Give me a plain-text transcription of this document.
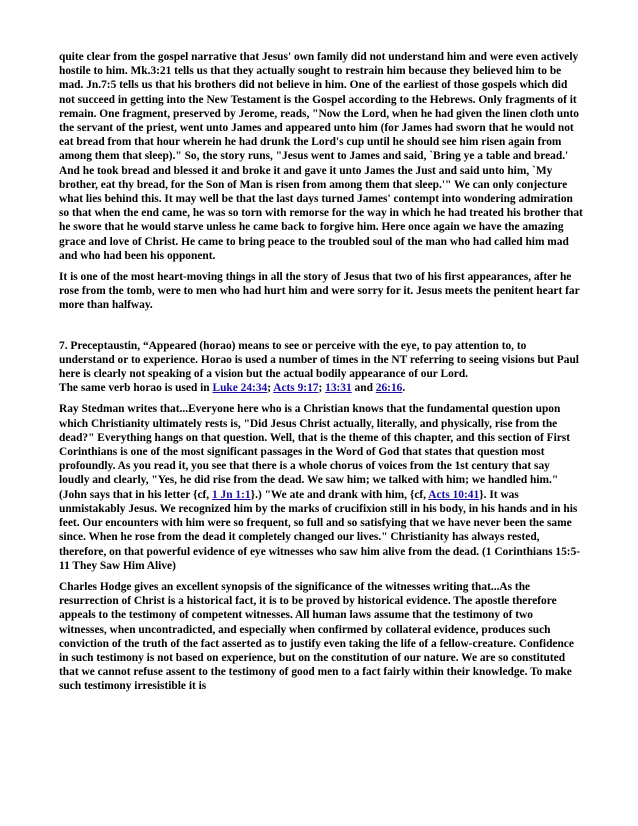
quite clear from the gospel narrative that Jesus' own family did not understand him and were even actively hostile to him. Mk.3:21 tells us that they actually sought to restrain him because they believed him to be mad. Jn.7:5 tells us that his brothers did not believe in him. One of the earliest of those gospels which did not succeed in getting into the New Testament is the Gospel according to the Hebrews. Only fragments of it remain. One fragment, preserved by Jerome, reads, "Now the Lord, when he had given the linen cloth unto the servant of the priest, went unto James and appeared unto him (for James had sworn that he would not eat bread from that hour wherein he had drunk the Lord's cup until he should see him risen again from among them that sleep)." So, the story runs, "Jesus went to James and said, `Bring ye a table and bread.' And he took bread and blessed it and broke it and gave it unto James the Just and said unto him, `My brother, eat thy bread, for the Son of Man is risen from among them that sleep.'" We can only conjecture what lies behind this. It may well be that the last days turned James' contempt into wondering admiration so that when the end came, he was so torn with remorse for the way in which he had treated his brother that he swore that he would starve unless he came back to forgive him. Here once again we have the amazing grace and love of Christ. He came to bring peace to the troubled soul of the man who had called him mad and who had been his opponent.

It is one of the most heart-moving things in all the story of Jesus that two of his first appearances, after he rose from the tomb, were to men who had hurt him and were sorry for it. Jesus meets the penitent heart far more than halfway.

7. Preceptaustin, “Appeared (horao) means to see or perceive with the eye, to pay attention to, to understand or to experience. Horao is used a number of times in the NT referring to seeing visions but Paul here is clearly not speaking of a vision but the actual bodily appearance of our Lord.

The same verb horao is used in Luke 24:34; Acts 9:17; 13:31 and 26:16.

Ray Stedman writes that...Everyone here who is a Christian knows that the fundamental question upon which Christianity ultimately rests is, "Did Jesus Christ actually, literally, and physically, rise from the dead?" Everything hangs on that question. Well, that is the theme of this chapter, and this section of First Corinthians is one of the most significant passages in the Word of God that states that question most profoundly. As you read it, you see that there is a whole chorus of voices from the 1st century that say loudly and clearly, "Yes, he did rise from the dead. We saw him; we talked with him; we handled him." (John says that in his letter {cf, 1 Jn 1:1}.) "We ate and drank with him, {cf, Acts 10:41}. It was unmistakably Jesus. We recognized him by the marks of crucifixion still in his body, in his hands and in his feet. Our encounters with him were so frequent, so full and so satisfying that we have never been the same since. When he rose from the dead it completely changed our lives." Christianity has always rested, therefore, on that powerful evidence of eye witnesses who saw him alive from the dead. (1 Corinthians 15:5-11 They Saw Him Alive)

Charles Hodge gives an excellent synopsis of the significance of the witnesses writing that...As the resurrection of Christ is a historical fact, it is to be proved by historical evidence. The apostle therefore appeals to the testimony of competent witnesses. All human laws assume that the testimony of two witnesses, when uncontradicted, and especially when confirmed by collateral evidence, produces such conviction of the truth of the fact asserted as to justify even taking the life of a fellow-creature. Confidence in such testimony is not based on experience, but on the constitution of our nature. We are so constituted that we cannot refuse assent to the testimony of good men to a fact fairly within their knowledge. To make such testimony irresistible it is
